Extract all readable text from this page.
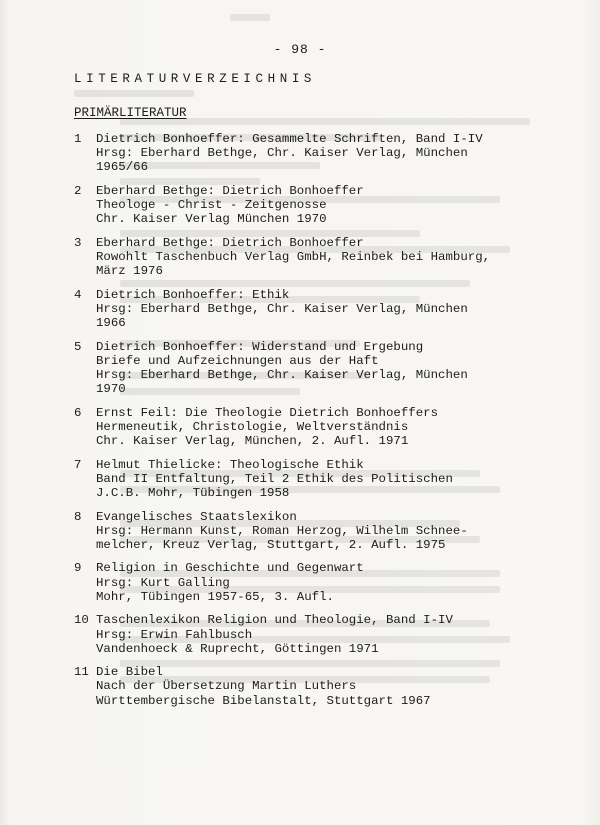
- 98 -
LITERATURVERZEICHNIS
PRIMÄRLITERATUR
1	Dietrich Bonhoeffer: Gesammelte Schriften, Band I-IV
Hrsg: Eberhard Bethge, Chr. Kaiser Verlag, München
1965/66
2	Eberhard Bethge: Dietrich Bonhoeffer
Theologe - Christ - Zeitgenosse
Chr. Kaiser Verlag München 1970
3	Eberhard Bethge: Dietrich Bonhoeffer
Rowohlt Taschenbuch Verlag GmbH, Reinbek bei Hamburg,
März 1976
4	Dietrich Bonhoeffer: Ethik
Hrsg: Eberhard Bethge, Chr. Kaiser Verlag, München
1966
5	Dietrich Bonhoeffer: Widerstand und Ergebung
Briefe und Aufzeichnungen aus der Haft
Hrsg: Eberhard Bethge, Chr. Kaiser Verlag, München
1970
6	Ernst Feil: Die Theologie Dietrich Bonhoeffers
Hermeneutik, Christologie, Weltverständnis
Chr. Kaiser Verlag, München, 2. Aufl. 1971
7	Helmut Thielicke: Theologische Ethik
Band II Entfaltung, Teil 2 Ethik des Politischen
J.C.B. Mohr, Tübingen 1958
8	Evangelisches Staatslexikon
Hrsg: Hermann Kunst, Roman Herzog, Wilhelm Schnee-
melcher, Kreuz Verlag, Stuttgart, 2. Aufl. 1975
9	Religion in Geschichte und Gegenwart
Hrsg: Kurt Galling
Mohr, Tübingen 1957-65, 3. Aufl.
10 Taschenlexikon Religion und Theologie, Band I-IV
Hrsg: Erwin Fahlbusch
Vandenhoeck & Ruprecht, Göttingen 1971
11 Die Bibel
Nach der Übersetzung Martin Luthers
Württembergische Bibelanstalt, Stuttgart 1967
